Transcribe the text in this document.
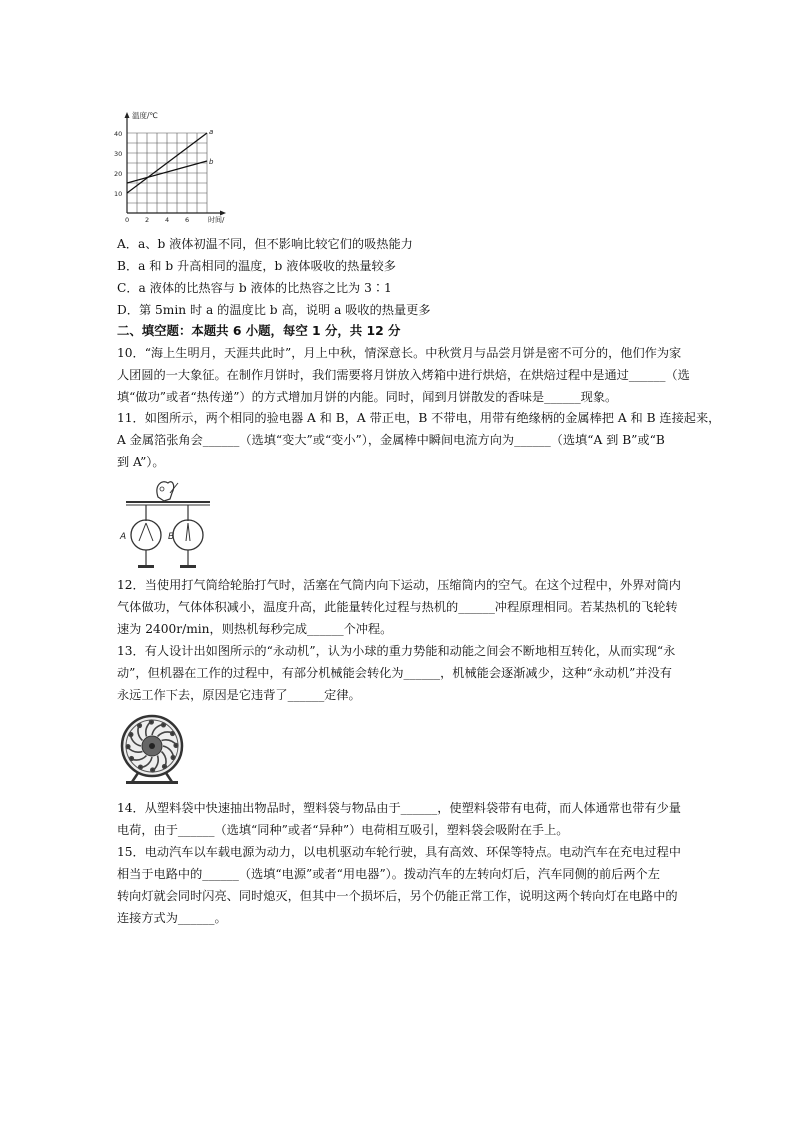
温度/℃
时间/
40
30
20
10
0 2 4 6
a
b
A．a、b 液体初温不同，但不影响比较它们的吸热能力
B．a 和 b 升高相同的温度，b 液体吸收的热量较多
C．a 液体的比热容与 b 液体的比热容之比为 3∶1
D．第 5min 时 a 的温度比 b 高，说明 a 吸收的热量更多
二、填空题：本题共 6 小题，每空 1 分，共 12 分
10．“海上生明月，天涯共此时”，月上中秋，情深意长。中秋赏月与品尝月饼是密不可分的，他们作为家
人团圆的一大象征。在制作月饼时，我们需要将月饼放入烤箱中进行烘焙，在烘焙过程中是通过______（选
填“做功”或者“热传递”）的方式增加月饼的内能。同时，闻到月饼散发的香味是______现象。
11．如图所示，两个相同的验电器 A 和 B，A 带正电，B 不带电，用带有绝缘柄的金属棒把 A 和 B 连接起来，
A 金属箔张角会______（选填“变大”或“变小”），金属棒中瞬间电流方向为______（选填“A 到 B”或“B
到 A”）。
A	B
12．当使用打气筒给轮胎打气时，活塞在气筒内向下运动，压缩筒内的空气。在这个过程中，外界对筒内
气体做功，气体体积减小，温度升高，此能量转化过程与热机的______冲程原理相同。若某热机的飞轮转
速为 2400r/min，则热机每秒完成______个冲程。
13．有人设计出如图所示的“永动机”，认为小球的重力势能和动能之间会不断地相互转化，从而实现“永
动”，但机器在工作的过程中，有部分机械能会转化为______，机械能会逐渐减少，这种“永动机”并没有
永远工作下去，原因是它违背了______定律。
14．从塑料袋中快速抽出物品时，塑料袋与物品由于______，使塑料袋带有电荷，而人体通常也带有少量
电荷，由于______（选填“同种”或者“异种”）电荷相互吸引，塑料袋会吸附在手上。
15．电动汽车以车载电源为动力，以电机驱动车轮行驶，具有高效、环保等特点。电动汽车在充电过程中
相当于电路中的______（选填“电源”或者“用电器”）。拨动汽车的左转向灯后，汽车同侧的前后两个左
转向灯就会同时闪亮、同时熄灭，但其中一个损坏后，另个仍能正常工作，说明这两个转向灯在电路中的
连接方式为______。
